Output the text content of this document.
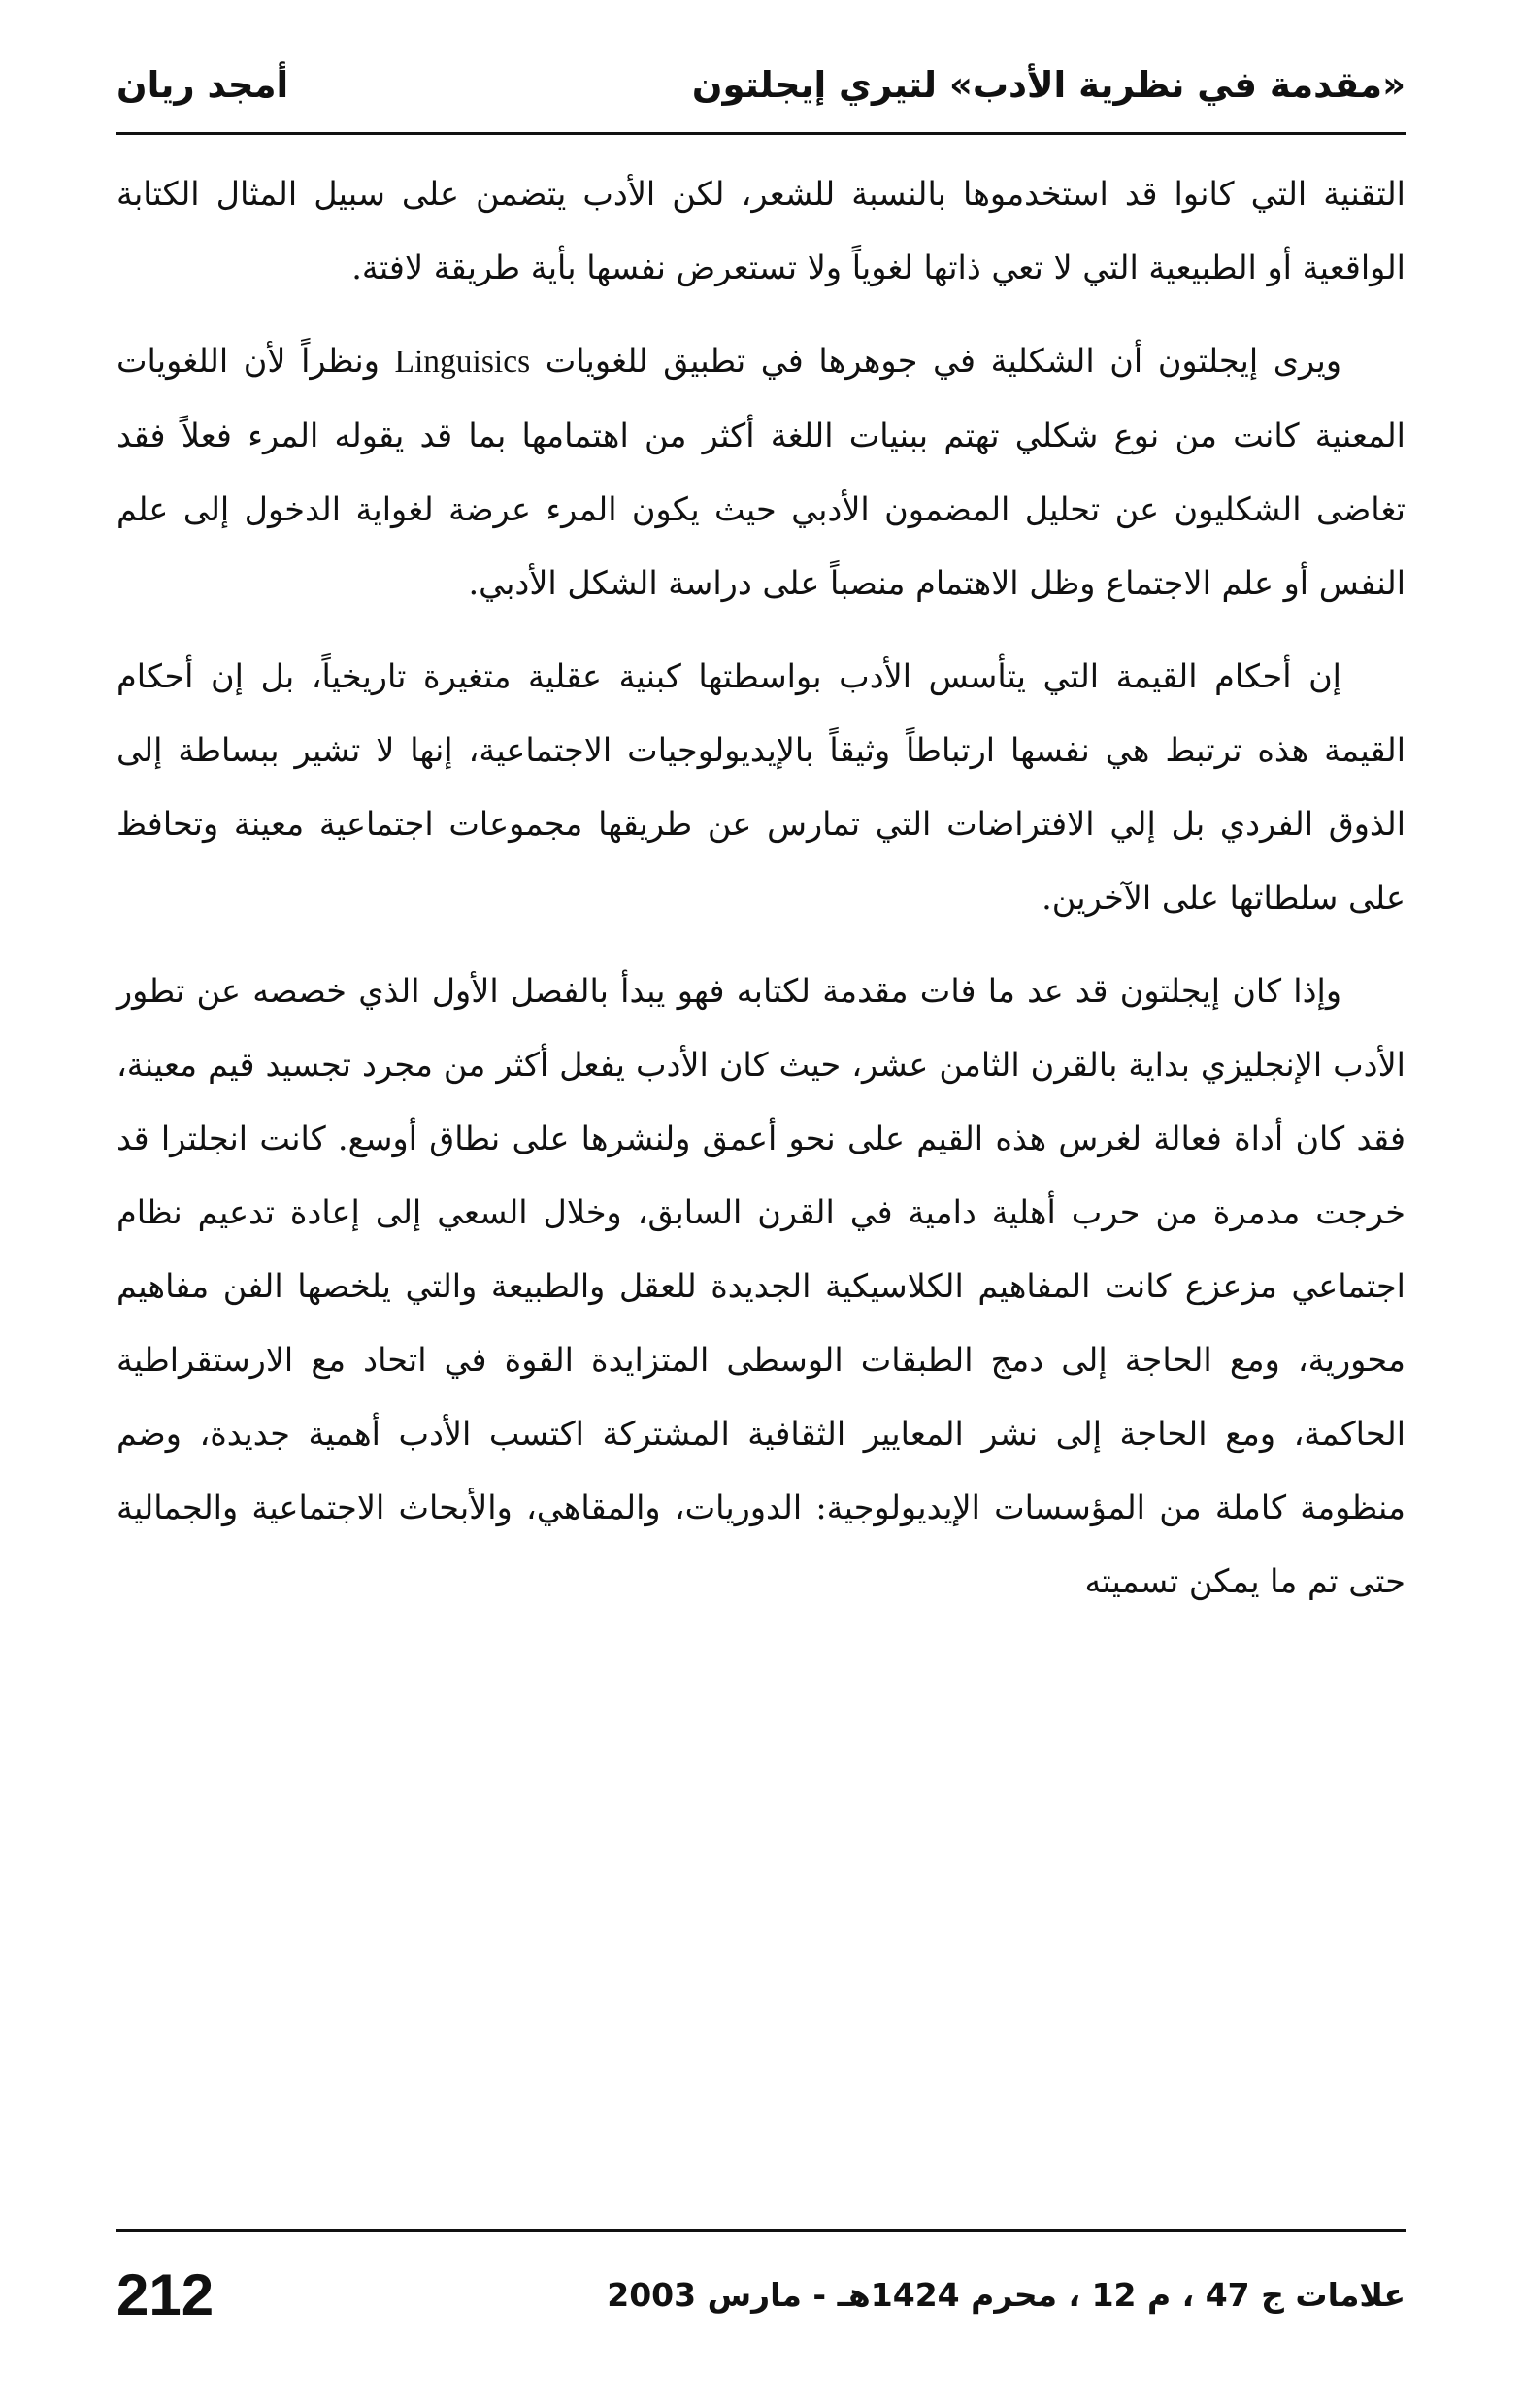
«مقدمة في نظرية الأدب» لتيري إيجلتون
أمجد ريان

التقنية التي كانوا قد استخدموها بالنسبة للشعر، لكن الأدب يتضمن على سبيل المثال الكتابة الواقعية أو الطبيعية التي لا تعي ذاتها لغوياً ولا تستعرض نفسها بأية طريقة لافتة.

ويرى إيجلتون أن الشكلية في جوهرها في تطبيق للغويات Linguisics ونظراً لأن اللغويات المعنية كانت من نوع شكلي تهتم ببنيات اللغة أكثر من اهتمامها بما قد يقوله المرء فعلاً فقد تغاضى الشكليون عن تحليل المضمون الأدبي حيث يكون المرء عرضة لغواية الدخول إلى علم النفس أو علم الاجتماع وظل الاهتمام منصباً على دراسة الشكل الأدبي.

إن أحكام القيمة التي يتأسس الأدب بواسطتها كبنية عقلية متغيرة تاريخياً، بل إن أحكام القيمة هذه ترتبط هي نفسها ارتباطاً وثيقاً بالإيديولوجيات الاجتماعية، إنها لا تشير ببساطة إلى الذوق الفردي بل إلي الافتراضات التي تمارس عن طريقها مجموعات اجتماعية معينة وتحافظ على سلطاتها على الآخرين.

وإذا كان إيجلتون قد عد ما فات مقدمة لكتابه فهو يبدأ بالفصل الأول الذي خصصه عن تطور الأدب الإنجليزي بداية بالقرن الثامن عشر، حيث كان الأدب يفعل أكثر من مجرد تجسيد قيم معينة، فقد كان أداة فعالة لغرس هذه القيم على نحو أعمق ولنشرها على نطاق أوسع. كانت انجلترا قد خرجت مدمرة من حرب أهلية دامية في القرن السابق، وخلال السعي إلى إعادة تدعيم نظام اجتماعي مزعزع كانت المفاهيم الكلاسيكية الجديدة للعقل والطبيعة والتي يلخصها الفن مفاهيم محورية، ومع الحاجة إلى دمج الطبقات الوسطى المتزايدة القوة في اتحاد مع الارستقراطية الحاكمة، ومع الحاجة إلى نشر المعايير الثقافية المشتركة اكتسب الأدب أهمية جديدة، وضم منظومة كاملة من المؤسسات الإيديولوجية: الدوريات، والمقاهي، والأبحاث الاجتماعية والجمالية حتى تم ما يمكن تسميته

علامات ج 47 ، م 12 ، محرم 1424هـ - مارس 2003
212
